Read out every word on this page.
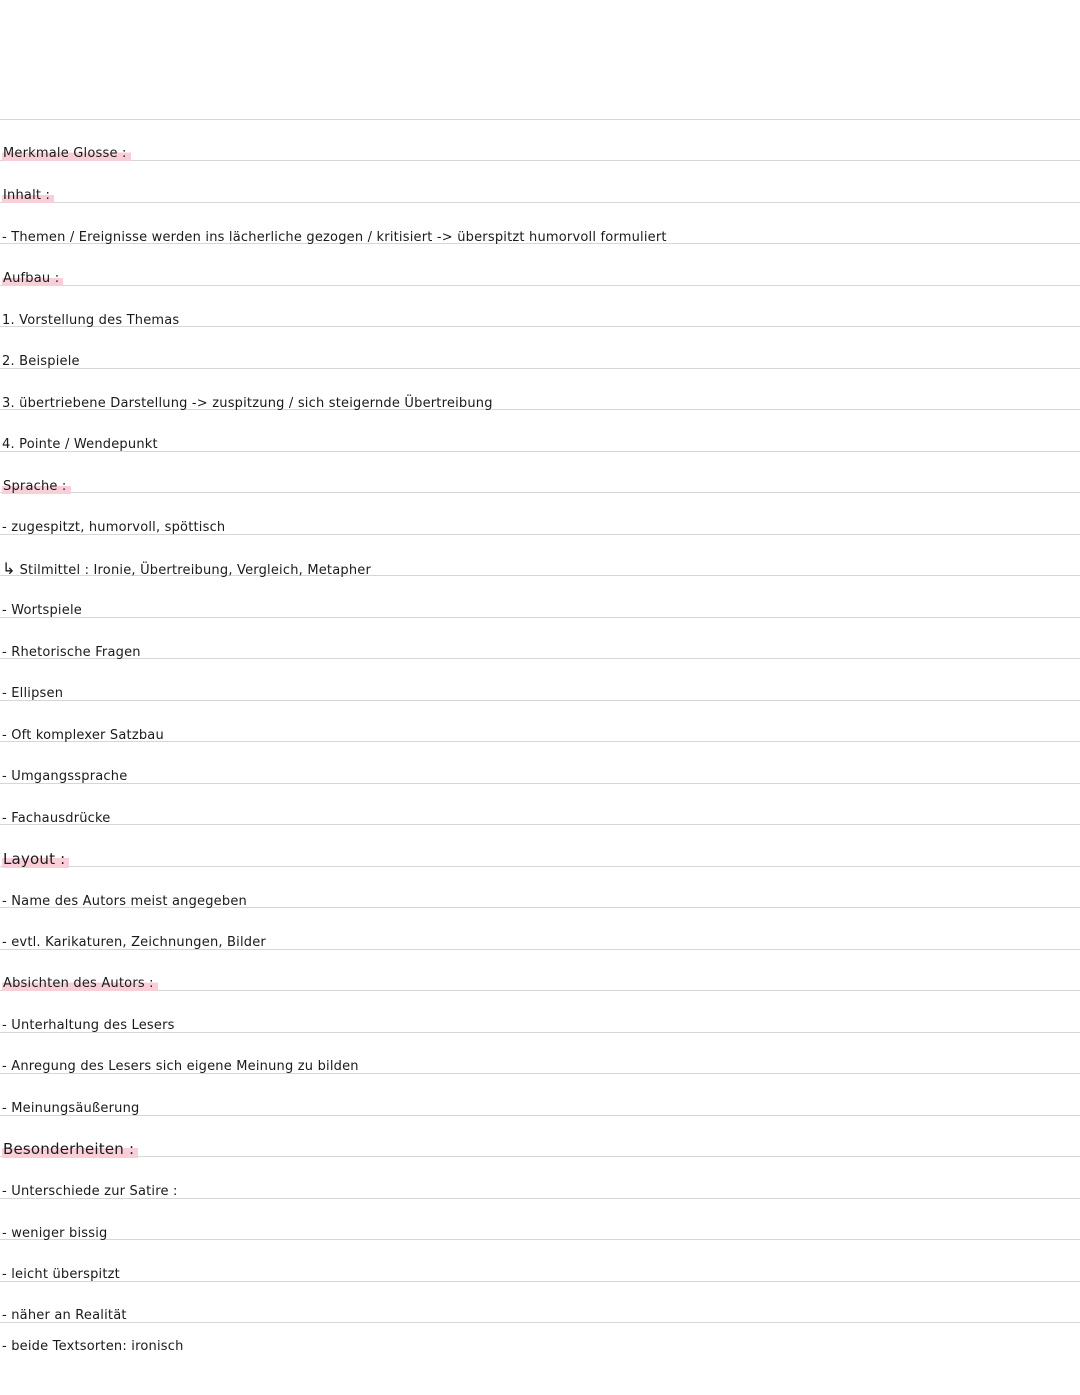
Merkmale Glosse :
Inhalt :
- Themen / Ereignisse werden ins lächerliche gezogen / kritisiert -> überspitzt humorvoll formuliert
Aufbau :
1. Vorstellung des Themas
2. Beispiele
3. übertriebene Darstellung -> zuspitzung / sich steigernde Übertreibung
4. Pointe / Wendepunkt
Sprache :
- zugespitzt, humorvoll, spöttisch
↳ Stilmittel : Ironie, Übertreibung, Vergleich, Metapher
- Wortspiele
- Rhetorische Fragen
- Ellipsen
- Oft komplexer Satzbau
- Umgangssprache
- Fachausdrücke
Layout :
- Name des Autors meist angegeben
- evtl. Karikaturen, Zeichnungen, Bilder
Absichten des Autors :
- Unterhaltung des Lesers
- Anregung des Lesers sich eigene Meinung zu bilden
- Meinungsäußerung
Besonderheiten :
- Unterschiede zur Satire :
- weniger bissig
- leicht überspitzt
- näher an Realität
- beide Textsorten: ironisch
